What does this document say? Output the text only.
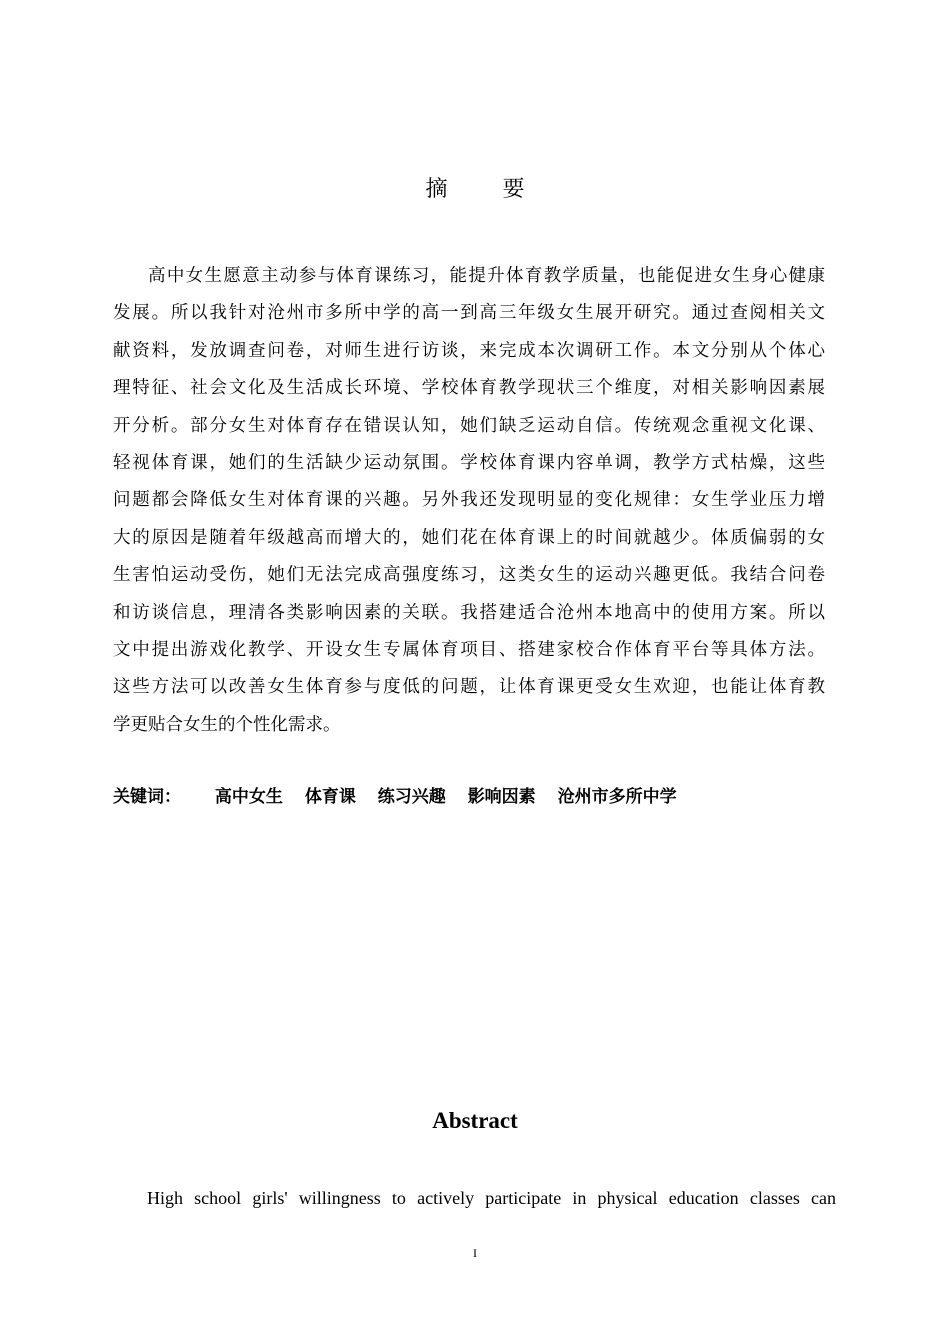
摘 要
高中女生愿意主动参与体育课练习，能提升体育教学质量，也能促进女生身心健康
发展。所以我针对沧州市多所中学的高一到高三年级女生展开研究。通过查阅相关文
献资料，发放调查问卷，对师生进行访谈，来完成本次调研工作。本文分别从个体心
理特征、社会文化及生活成长环境、学校体育教学现状三个维度，对相关影响因素展
开分析。部分女生对体育存在错误认知，她们缺乏运动自信。传统观念重视文化课、
轻视体育课，她们的生活缺少运动氛围。学校体育课内容单调，教学方式枯燥，这些
问题都会降低女生对体育课的兴趣。另外我还发现明显的变化规律：女生学业压力增
大的原因是随着年级越高而增大的，她们花在体育课上的时间就越少。体质偏弱的女
生害怕运动受伤，她们无法完成高强度练习，这类女生的运动兴趣更低。我结合问卷
和访谈信息，理清各类影响因素的关联。我搭建适合沧州本地高中的使用方案。所以
文中提出游戏化教学、开设女生专属体育项目、搭建家校合作体育平台等具体方法。
这些方法可以改善女生体育参与度低的问题，让体育课更受女生欢迎，也能让体育教
学更贴合女生的个性化需求。
关键词： 高中女生 体育课 练习兴趣 影响因素 沧州市多所中学
Abstract
High school girls' willingness to actively participate in physical education classes can
I
